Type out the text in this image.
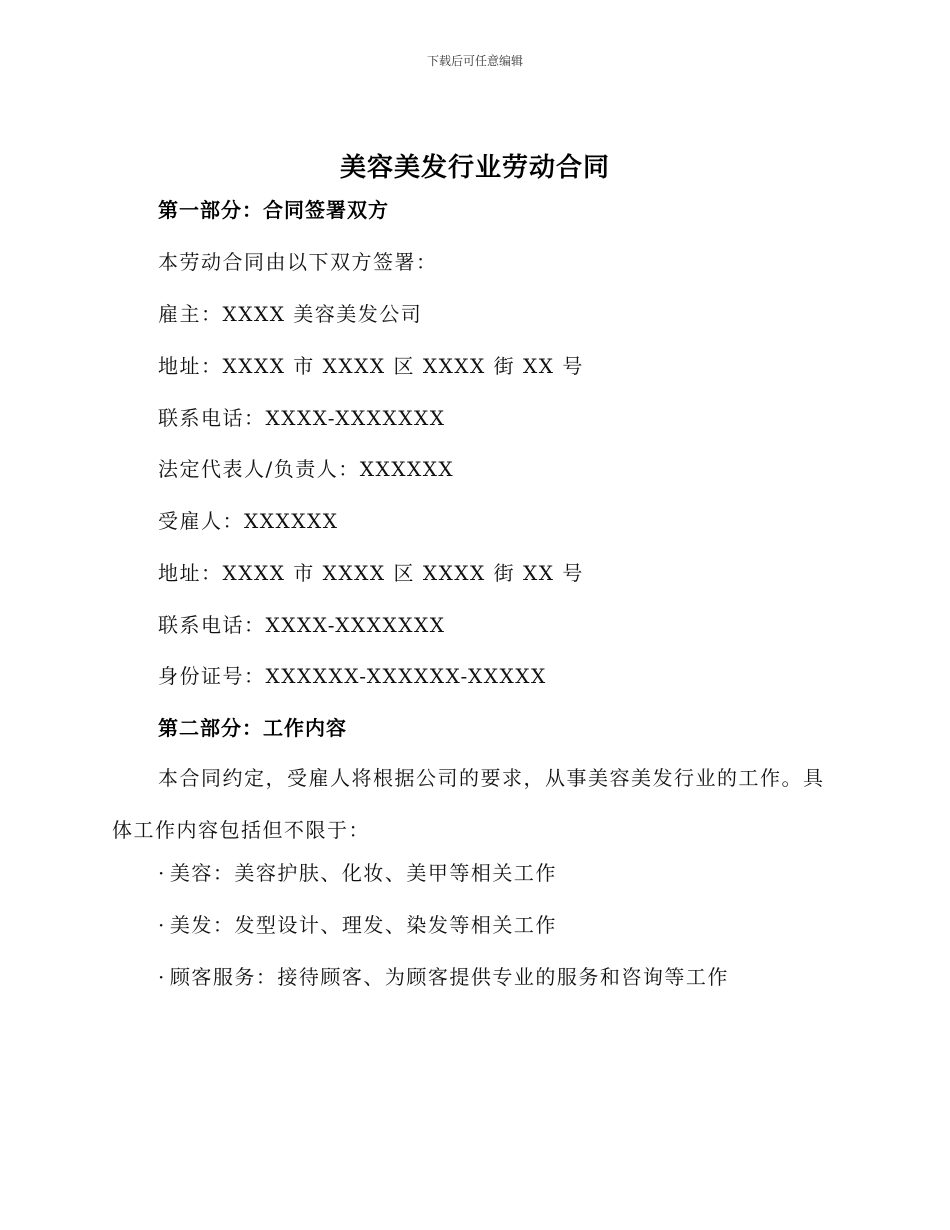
下载后可任意编辑
美容美发行业劳动合同
第一部分：合同签署双方
本劳动合同由以下双方签署：
雇主：XXXX 美容美发公司
地址：XXXX 市 XXXX 区 XXXX 街 XX 号
联系电话：XXXX-XXXXXXX
法定代表人/负责人：XXXXXX
受雇人：XXXXXX
地址：XXXX 市 XXXX 区 XXXX 街 XX 号
联系电话：XXXX-XXXXXXX
身份证号：XXXXXX-XXXXXX-XXXXX
第二部分：工作内容

本合同约定，受雇人将根据公司的要求，从事美容美发行业的工作。具体工作内容包括但不限于：

· 美容：美容护肤、化妆、美甲等相关工作
· 美发：发型设计、理发、染发等相关工作
· 顾客服务：接待顾客、为顾客提供专业的服务和咨询等工作
